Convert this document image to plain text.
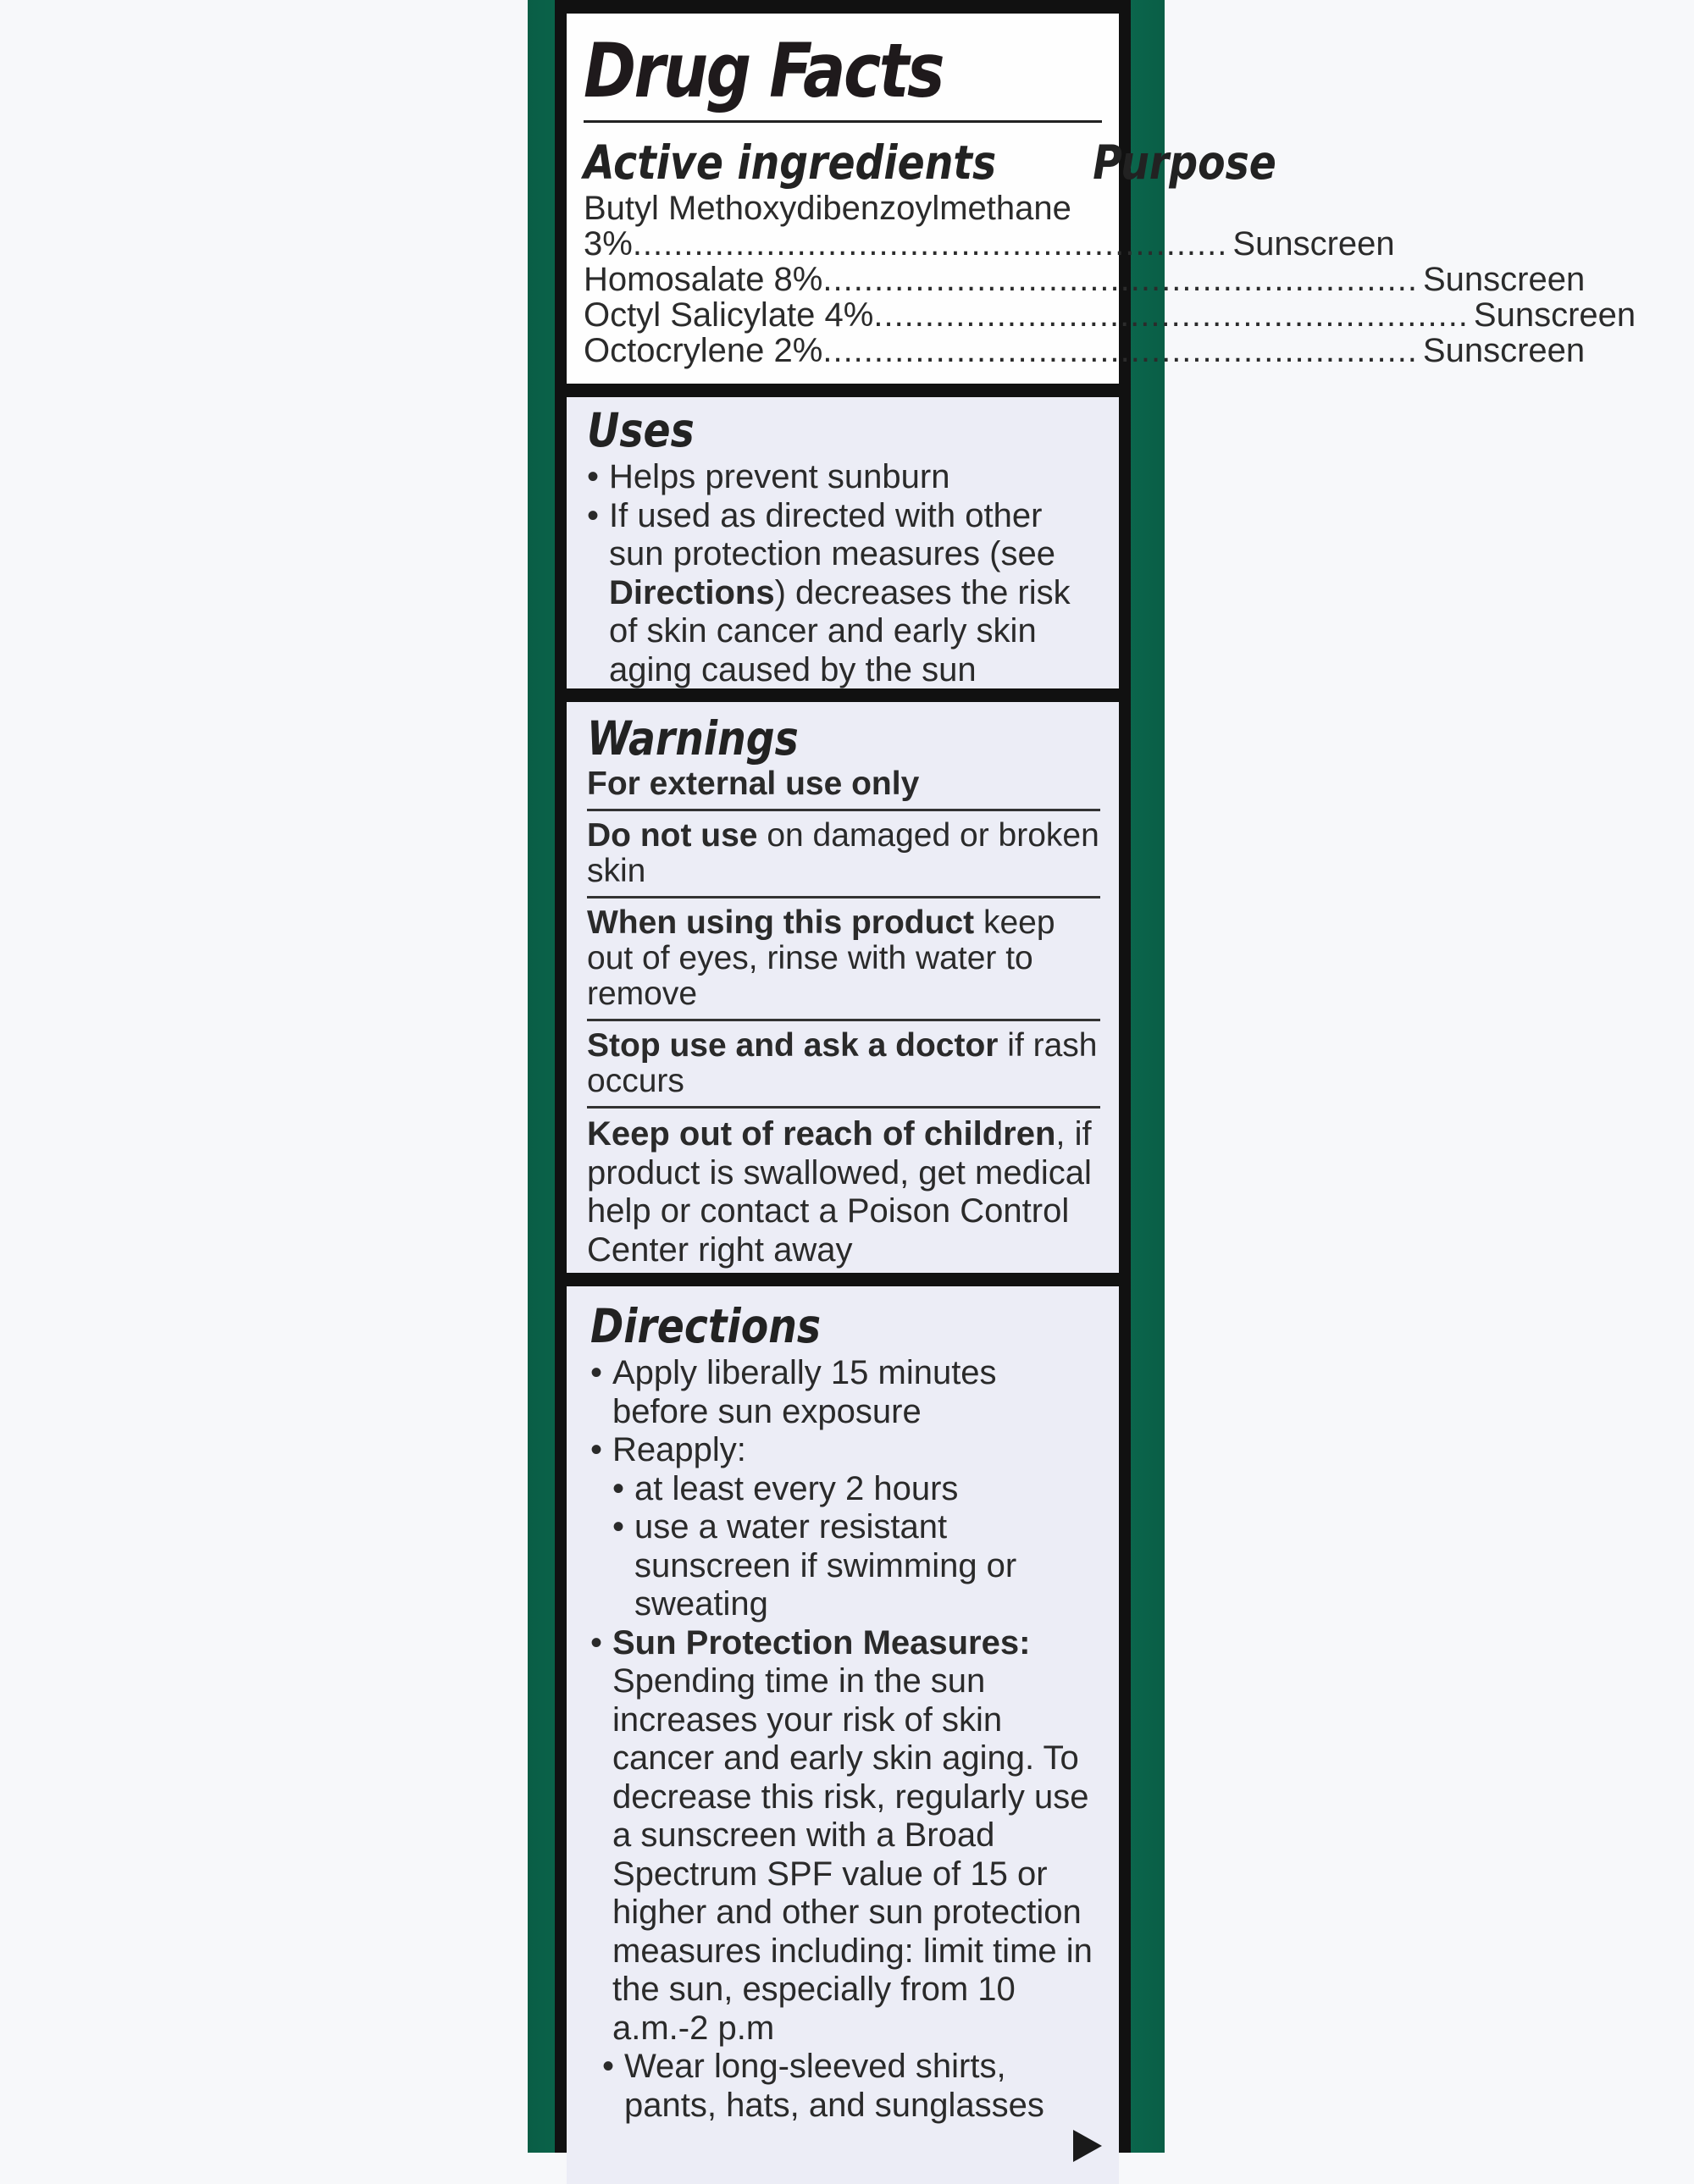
Drug Facts
Active ingredients Purpose
Butyl Methoxydibenzoylmethane
3% .......................................................... Sunscreen
Homosalate 8% .......................................................... Sunscreen
Octyl Salicylate 4% .......................................................... Sunscreen
Octocrylene 2% .......................................................... Sunscreen
Uses
• Helps prevent sunburn
• If used as directed with other sun protection measures (see Directions) decreases the risk of skin cancer and early skin aging caused by the sun
Warnings
For external use only
Do not use on damaged or broken skin
When using this product keep out of eyes, rinse with water to remove
Stop use and ask a doctor if rash occurs
Keep out of reach of children, if product is swallowed, get medical help or contact a Poison Control Center right away
Directions
• Apply liberally 15 minutes before sun exposure
• Reapply:
• at least every 2 hours
• use a water resistant sunscreen if swimming or sweating
• Sun Protection Measures:
Spending time in the sun increases your risk of skin cancer and early skin aging. To decrease this risk, regularly use a sunscreen with a Broad Spectrum SPF value of 15 or higher and other sun protection measures including: limit time in the sun, especially from 10 a.m.-2 p.m
• Wear long-sleeved shirts, pants, hats, and sunglasses
